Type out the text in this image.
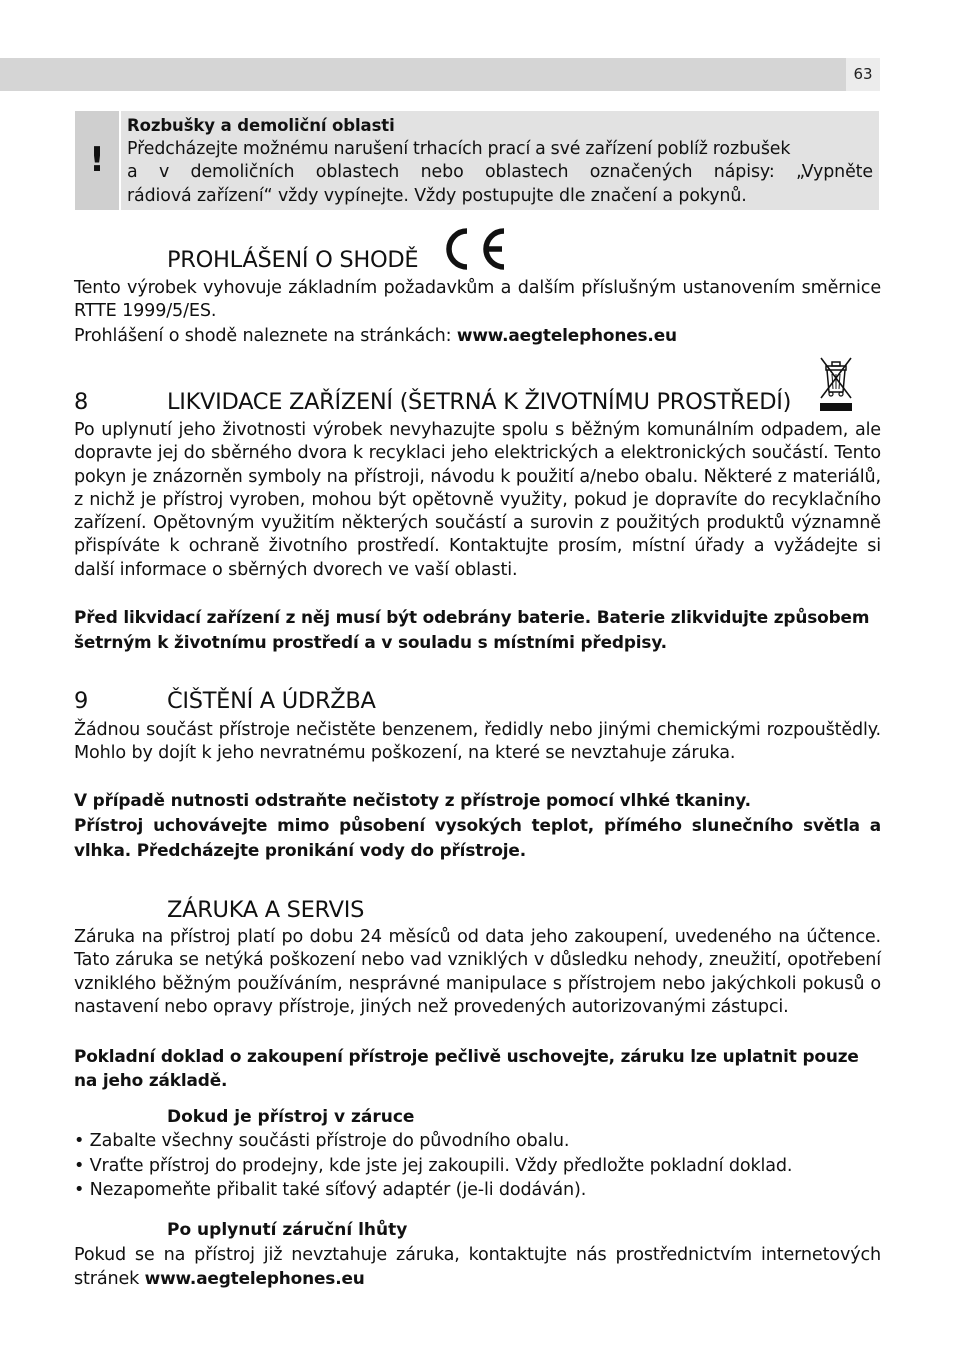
63
!
Rozbušky a demoliční oblasti
Předcházejte možnému narušení trhacích prací a své zařízení poblíž rozbušek
a v demoličních oblastech nebo oblastech označených nápisy: „Vypněte
rádiová zařízení“ vždy vypínejte. Vždy postupujte dle značení a pokynů.
PROHLÁŠENÍ O SHODĚ
Tento výrobek vyhovuje základním požadavkům a dalším příslušným ustanovením směrnice RTTE 1999/5/ES.
Prohlášení o shodě naleznete na stránkách: www.aegtelephones.eu
8	LIKVIDACE ZAŘÍZENÍ (ŠETRNÁ K ŽIVOTNÍMU PROSTŘEDÍ)
Po uplynutí jeho životnosti výrobek nevyhazujte spolu s běžným komunálním odpadem, ale dopravte jej do sběrného dvora k recyklaci jeho elektrických a elektronických součástí. Tento pokyn je znázorněn symboly na přístroji, návodu k použití a/nebo obalu. Některé z materiálů, z nichž je přístroj vyroben, mohou být opětovně využity, pokud je dopravíte do recyklačního zařízení. Opětovným využitím některých součástí a surovin z použitých produktů významně přispíváte k ochraně životního prostředí. Kontaktujte prosím, místní úřady a vyžádejte si další informace o sběrných dvorech ve vaší oblasti.
Před likvidací zařízení z něj musí být odebrány baterie. Baterie zlikvidujte způsobem šetrným k životnímu prostředí a v souladu s místními předpisy.
9	ČIŠTĚNÍ A ÚDRŽBA
Žádnou součást přístroje nečistěte benzenem, ředidly nebo jinými chemickými rozpouštědly. Mohlo by dojít k jeho nevratnému poškození, na které se nevztahuje záruka.
V případě nutnosti odstraňte nečistoty z přístroje pomocí vlhké tkaniny.
Přístroj uchovávejte mimo působení vysokých teplot, přímého slunečního světla a vlhka. Předcházejte pronikání vody do přístroje.
ZÁRUKA A SERVIS
Záruka na přístroj platí po dobu 24 měsíců od data jeho zakoupení, uvedeného na účtence. Tato záruka se netýká poškození nebo vad vzniklých v důsledku nehody, zneužití, opotřebení vzniklého běžným používáním, nesprávné manipulace s přístrojem nebo jakýchkoli pokusů o nastavení nebo opravy přístroje, jiných než provedených autorizovanými zástupci.
Pokladní doklad o zakoupení přístroje pečlivě uschovejte, záruku lze uplatnit pouze na jeho základě.
Dokud je přístroj v záruce
• Zabalte všechny součásti přístroje do původního obalu.
• Vraťte přístroj do prodejny, kde jste jej zakoupili. Vždy předložte pokladní doklad.
• Nezapomeňte přibalit také síťový adaptér (je-li dodáván).
Po uplynutí záruční lhůty
Pokud se na přístroj již nevztahuje záruka, kontaktujte nás prostřednictvím internetových stránek www.aegtelephones.eu
